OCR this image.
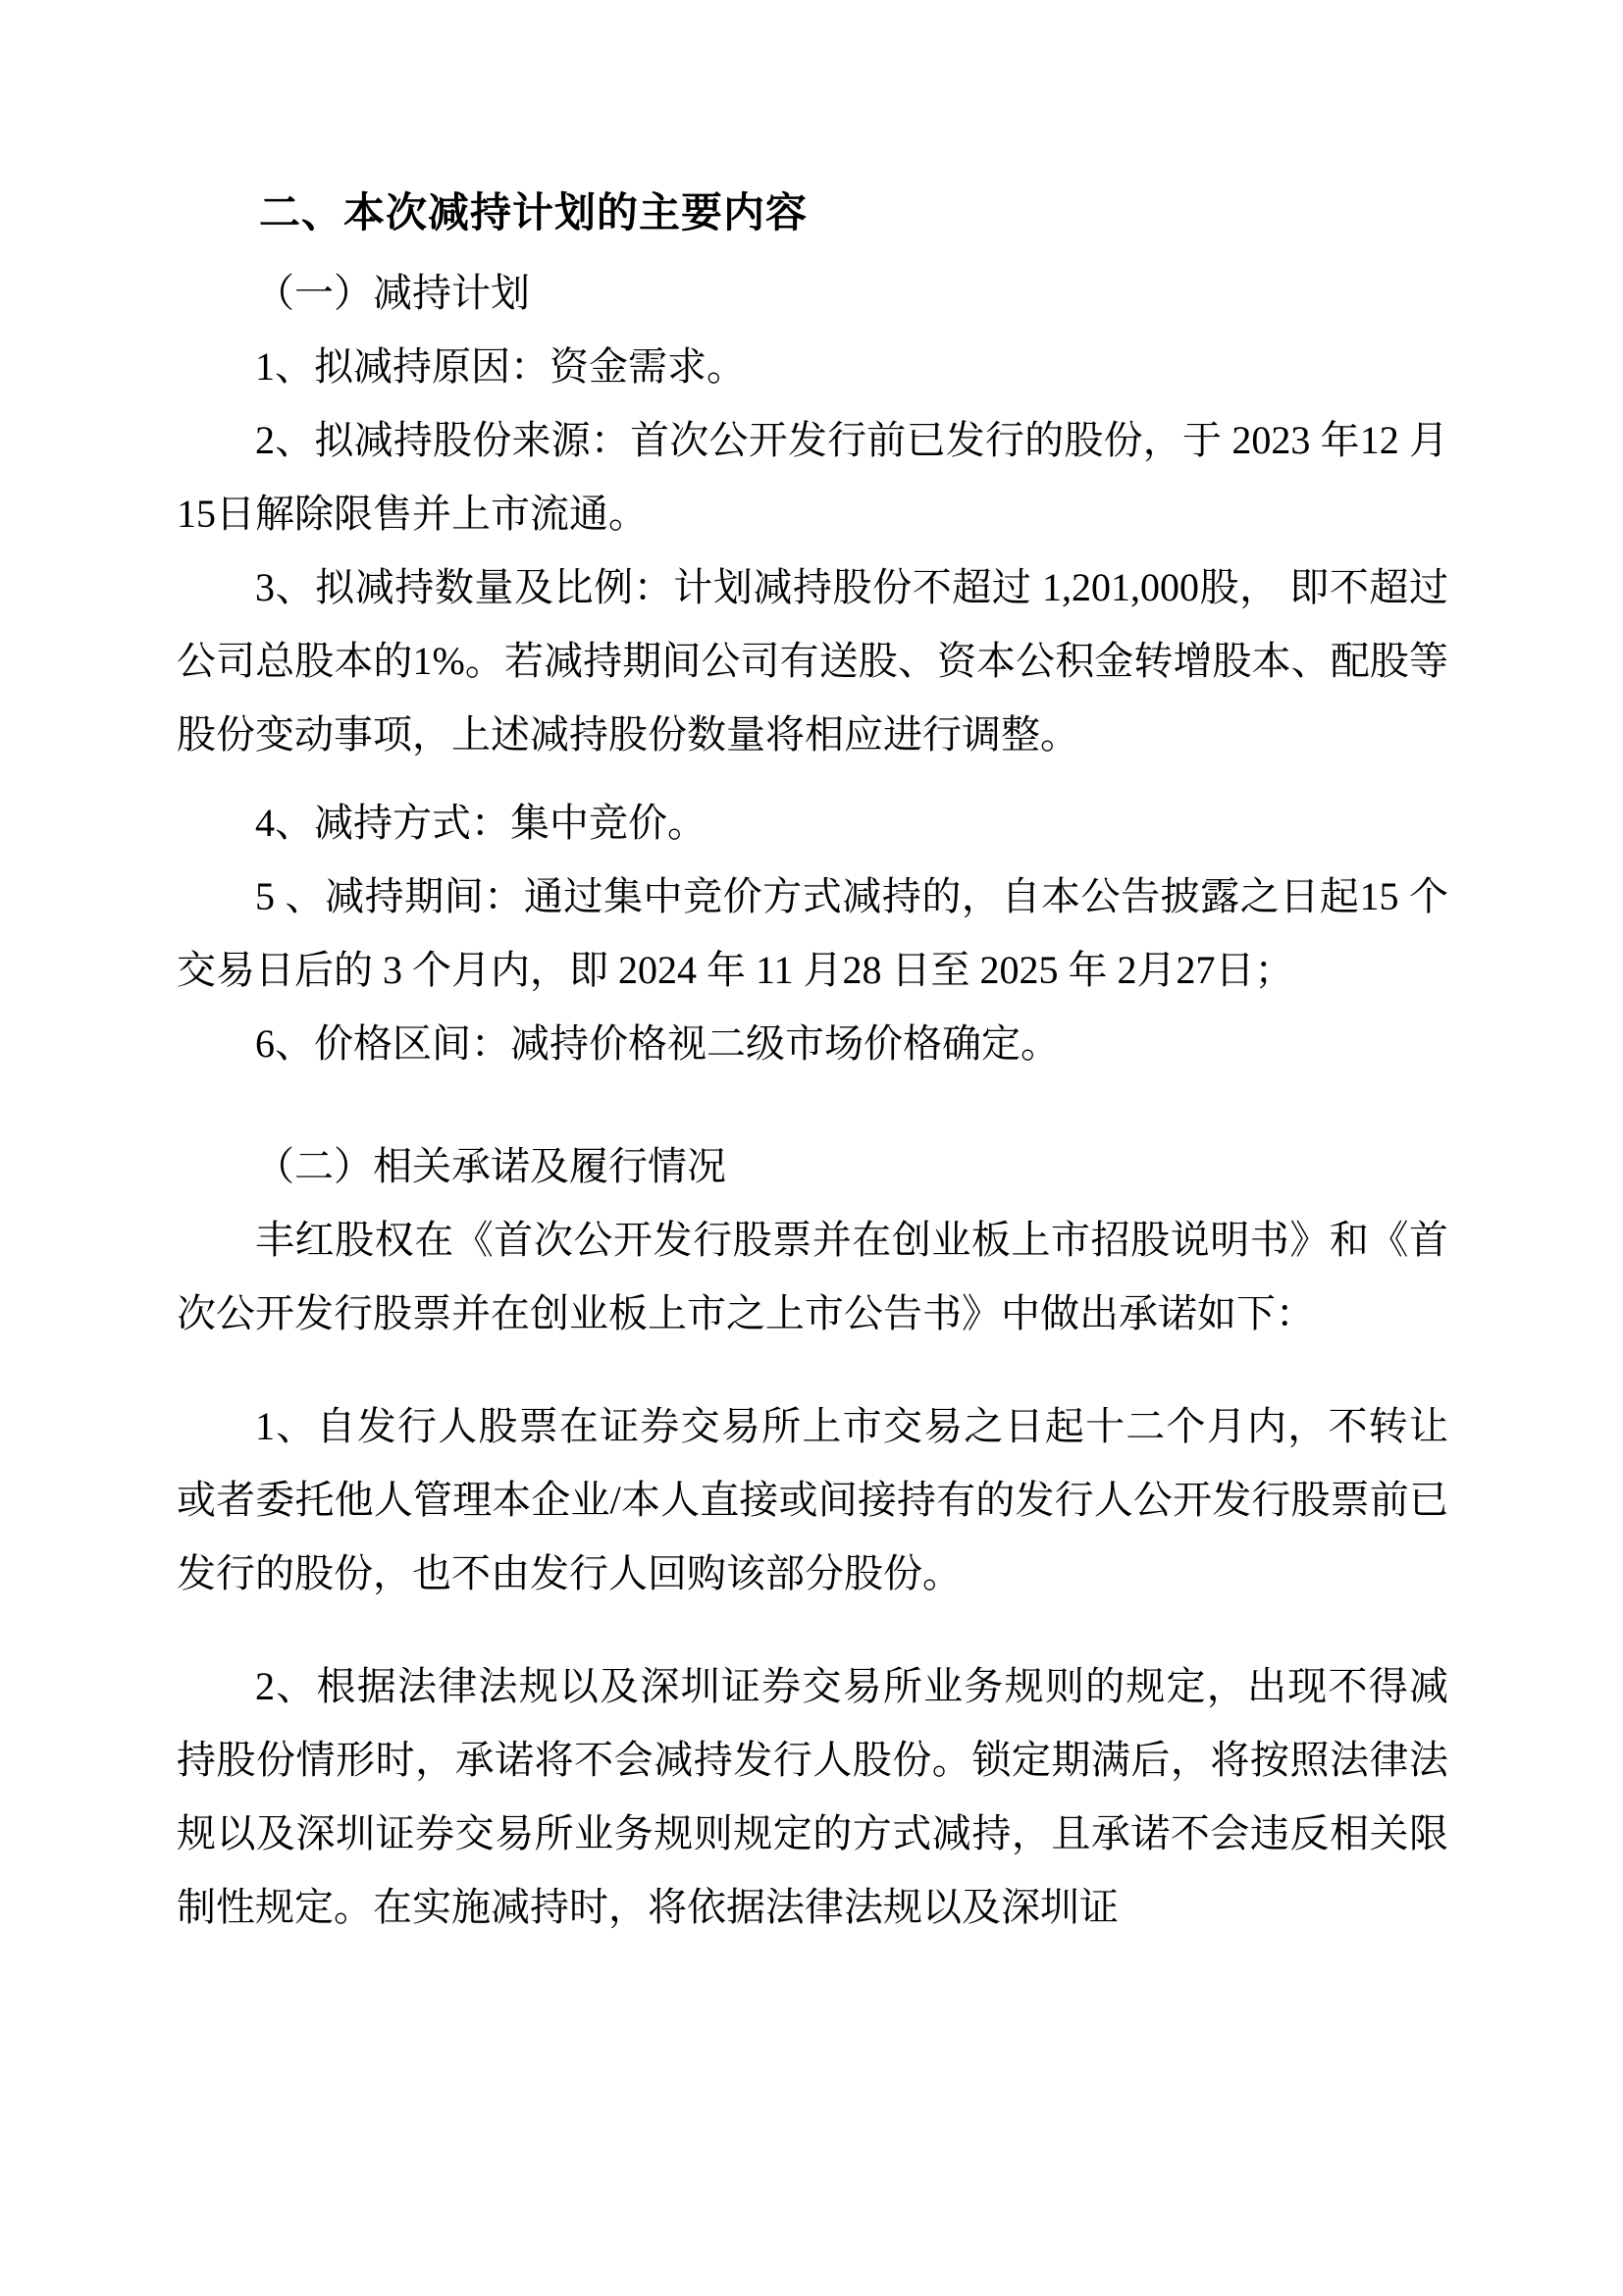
二、本次减持计划的主要内容

（一）减持计划

1、拟减持原因：资金需求。

2、拟减持股份来源：首次公开发行前已发行的股份，于 2023 年12 月15日解除限售并上市流通。

3、拟减持数量及比例：计划减持股份不超过 1,201,000股， 即不超过公司总股本的1%。若减持期间公司有送股、资本公积金转增股本、配股等股份变动事项，上述减持股份数量将相应进行调整。

4、减持方式：集中竞价。

5 、减持期间：通过集中竞价方式减持的，自本公告披露之日起15 个交易日后的 3 个月内，即 2024 年 11 月28 日至 2025 年 2月27日；

6、价格区间：减持价格视二级市场价格确定。

（二）相关承诺及履行情况

丰红股权在《首次公开发行股票并在创业板上市招股说明书》和《首次公开发行股票并在创业板上市之上市公告书》中做出承诺如下：

1、自发行人股票在证券交易所上市交易之日起十二个月内，不转让或者委托他人管理本企业/本人直接或间接持有的发行人公开发行股票前已发行的股份，也不由发行人回购该部分股份。

2、根据法律法规以及深圳证券交易所业务规则的规定，出现不得减持股份情形时，承诺将不会减持发行人股份。锁定期满后，将按照法律法规以及深圳证券交易所业务规则规定的方式减持，且承诺不会违反相关限制性规定。在实施减持时，将依据法律法规以及深圳证
